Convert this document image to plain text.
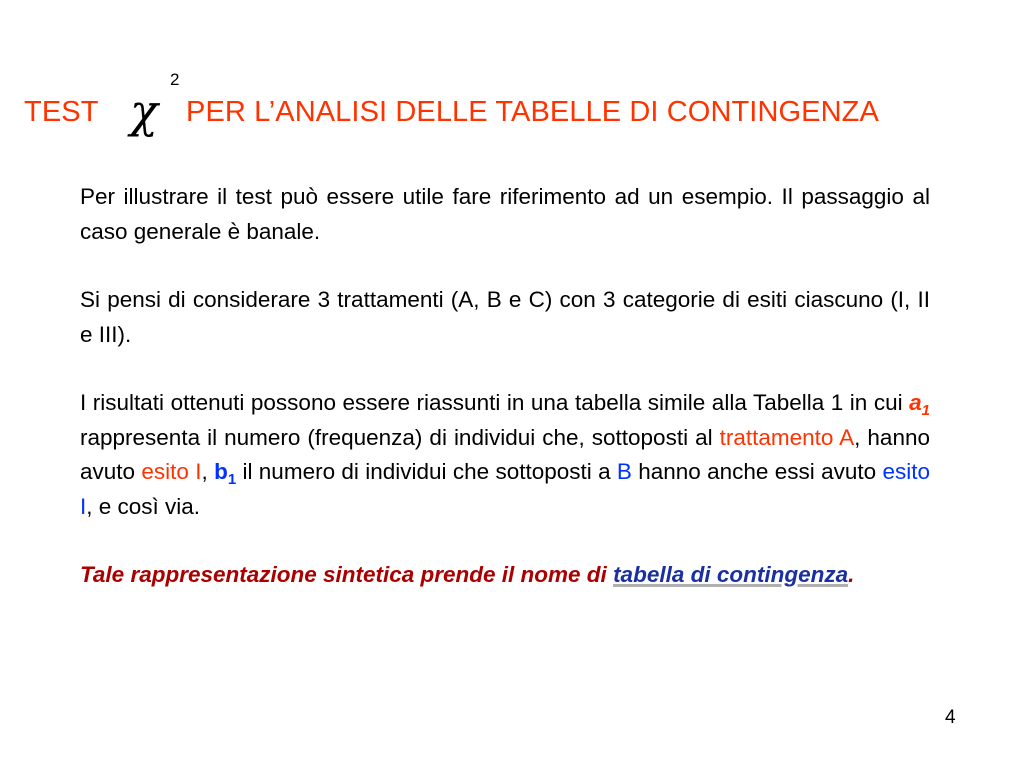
TEST	PER L’ANALISI DELLE TABELLE DI CONTINGENZA
χ
2

Per illustrare il test può essere utile fare riferimento ad un esempio. Il passaggio al caso generale è banale.

Si pensi di considerare 3 trattamenti (A, B e C) con 3 categorie di esiti ciascuno (I, II e III).

I risultati ottenuti possono essere riassunti in una tabella simile alla Tabella 1 in cui $a_1$ rappresenta il numero (frequenza) di individui che, sottoposti al trattamento A, hanno avuto esito I, $b_1$ il numero di individui che sottoposti a B hanno anche essi avuto esito I, e così via.

Tale rappresentazione sintetica prende il nome di tabella di contingenza.

4
